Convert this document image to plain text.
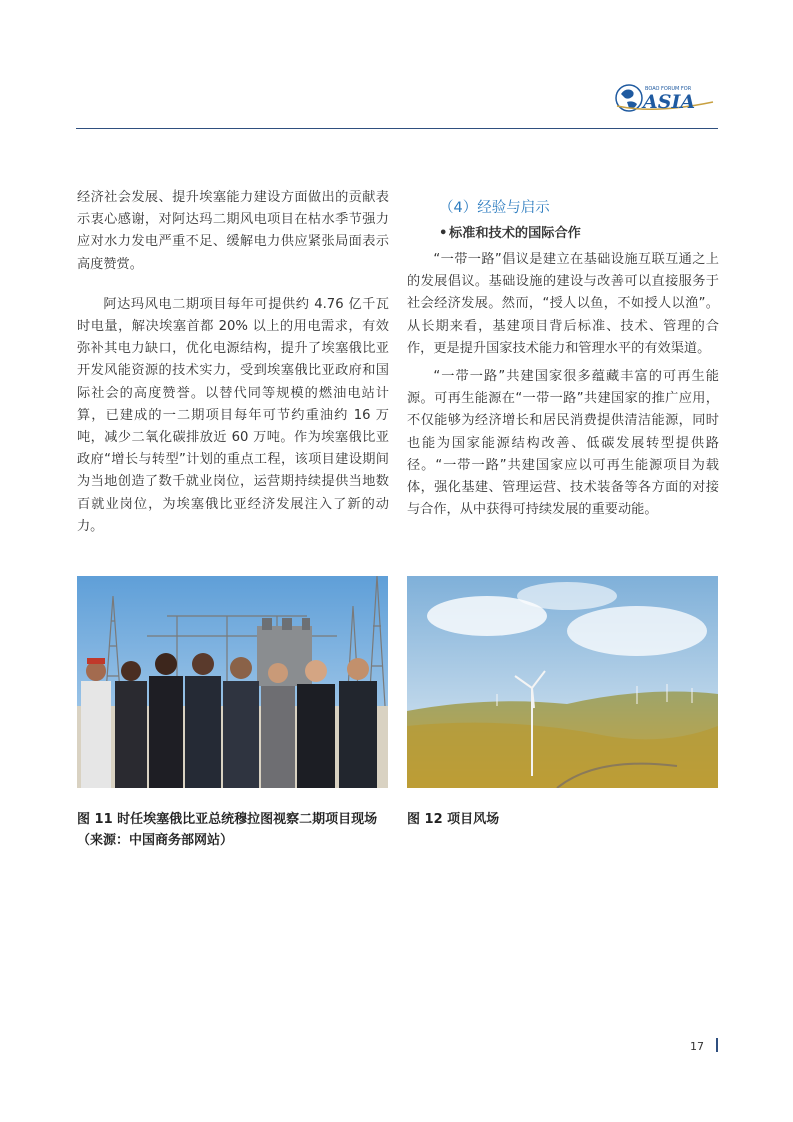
BOAO FORUM FOR
ASIA

经济社会发展、提升埃塞能力建设方面做出的贡献表示衷心感谢，对阿达玛二期风电项目在枯水季节强力应对水力发电严重不足、缓解电力供应紧张局面表示高度赞赏。

阿达玛风电二期项目每年可提供约 4.76 亿千瓦时电量，解决埃塞首都 20% 以上的用电需求，有效弥补其电力缺口，优化电源结构，提升了埃塞俄比亚开发风能资源的技术实力，受到埃塞俄比亚政府和国际社会的高度赞誉。以替代同等规模的燃油电站计算，已建成的一二期项目每年可节约重油约 16 万吨，减少二氧化碳排放近 60 万吨。作为埃塞俄比亚政府“增长与转型”计划的重点工程，该项目建设期间为当地创造了数千就业岗位，运营期持续提供当地数百就业岗位，为埃塞俄比亚经济发展注入了新的动力。

（4）经验与启示
• 标准和技术的国际合作

“一带一路”倡议是建立在基础设施互联互通之上的发展倡议。基础设施的建设与改善可以直接服务于社会经济发展。然而，“授人以鱼，不如授人以渔”。从长期来看，基建项目背后标准、技术、管理的合作，更是提升国家技术能力和管理水平的有效渠道。

“一带一路”共建国家很多蕴藏丰富的可再生能源。可再生能源在“一带一路”共建国家的推广应用，不仅能够为经济增长和居民消费提供清洁能源，同时也能为国家能源结构改善、低碳发展转型提供路径。“一带一路”共建国家应以可再生能源项目为载体，强化基建、管理运营、技术装备等各方面的对接与合作，从中获得可持续发展的重要动能。

图 11 时任埃塞俄比亚总统穆拉图视察二期项目现场
（来源：中国商务部网站）
图 12 项目风场
17
